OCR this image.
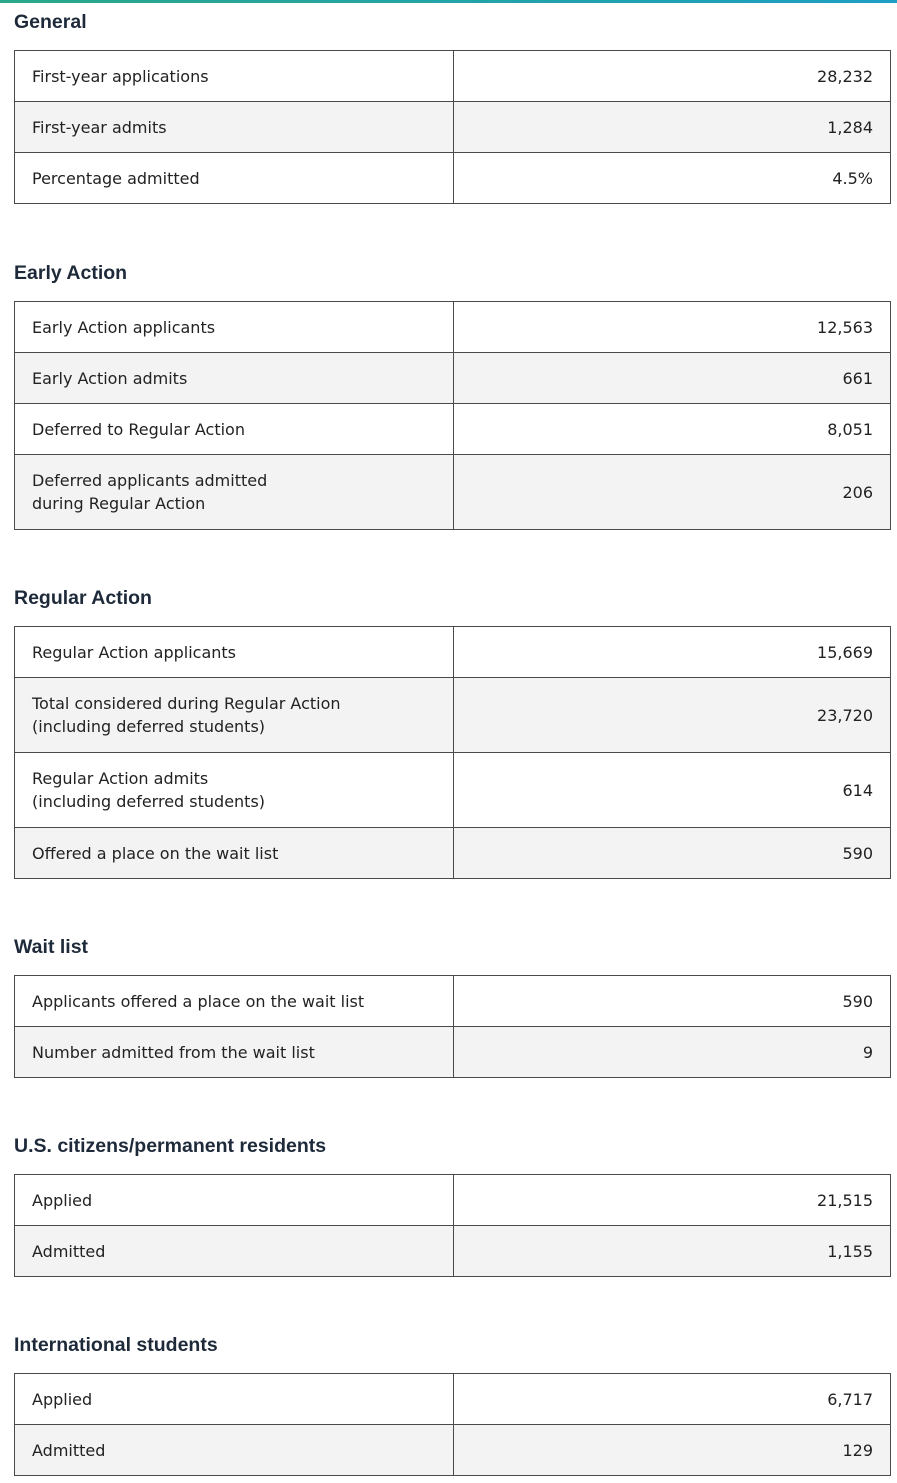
General
First-year applications	28,232
First-year admits	1,284
Percentage admitted	4.5%
Early Action
Early Action applicants	12,563
Early Action admits	661
Deferred to Regular Action	8,051

Deferred applicants admitted
during Regular Action	206
Regular Action
Regular Action applicants	15,669

Total considered during Regular Action
(including deferred students)	23,720

Regular Action admits
(including deferred students)	614
Offered a place on the wait list	590
Wait list
Applicants offered a place on the wait list	590
Number admitted from the wait list	9
U.S. citizens/permanent residents
Applied	21,515
Admitted	1,155
International students
Applied	6,717
Admitted	129
